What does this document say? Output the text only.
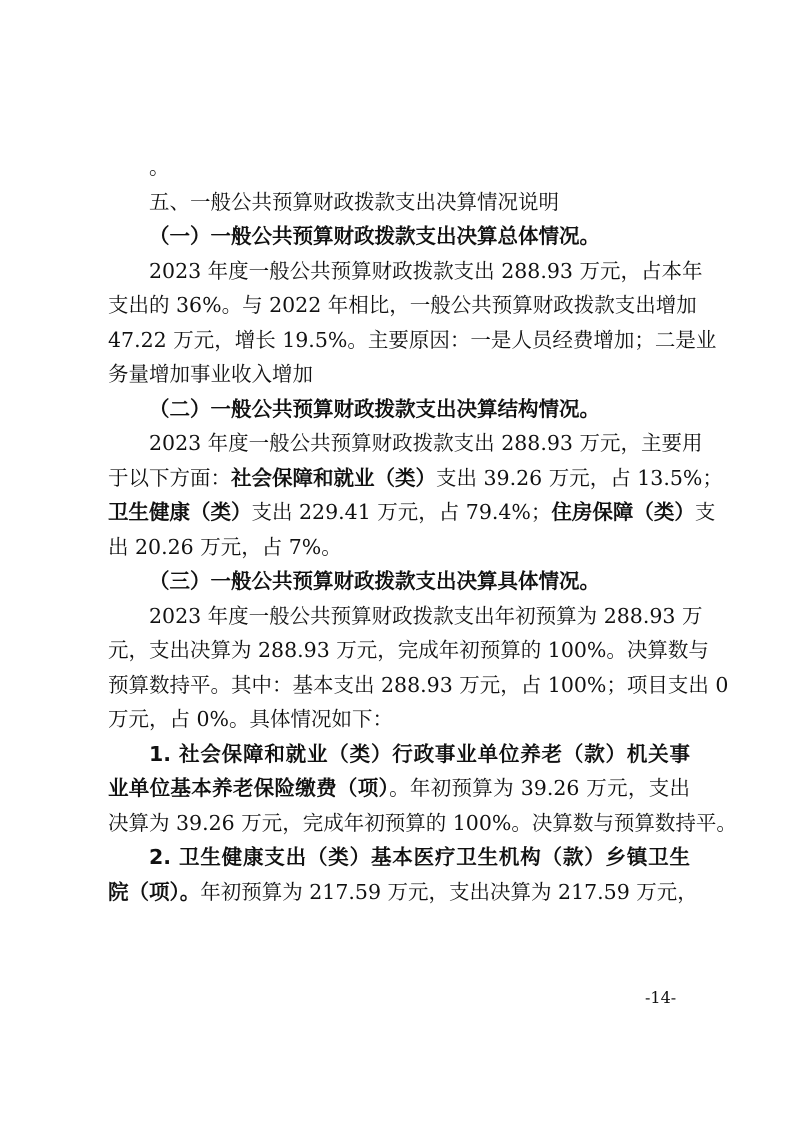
。
五、一般公共预算财政拨款支出决算情况说明
（一）一般公共预算财政拨款支出决算总体情况。
2023 年度一般公共预算财政拨款支出 288.93 万元，占本年
支出的 36%。与 2022 年相比，一般公共预算财政拨款支出增加
47.22 万元，增长 19.5%。主要原因：一是人员经费增加；二是业
务量增加事业收入增加
（二）一般公共预算财政拨款支出决算结构情况。
2023 年度一般公共预算财政拨款支出 288.93 万元，主要用
于以下方面：社会保障和就业（类）支出 39.26 万元，占 13.5%；
卫生健康（类）支出 229.41 万元，占 79.4%；住房保障（类）支
出 20.26 万元，占 7%。
（三）一般公共预算财政拨款支出决算具体情况。
2023 年度一般公共预算财政拨款支出年初预算为 288.93 万
元，支出决算为 288.93 万元，完成年初预算的 100%。决算数与
预算数持平。其中：基本支出 288.93 万元，占 100%；项目支出 0
万元，占 0%。具体情况如下：
1. 社会保障和就业（类）行政事业单位养老（款）机关事
业单位基本养老保险缴费（项）。年初预算为 39.26 万元，支出
决算为 39.26 万元，完成年初预算的 100%。决算数与预算数持平。
2. 卫生健康支出（类）基本医疗卫生机构（款）乡镇卫生
院（项）。年初预算为 217.59 万元，支出决算为 217.59 万元，
-14-
